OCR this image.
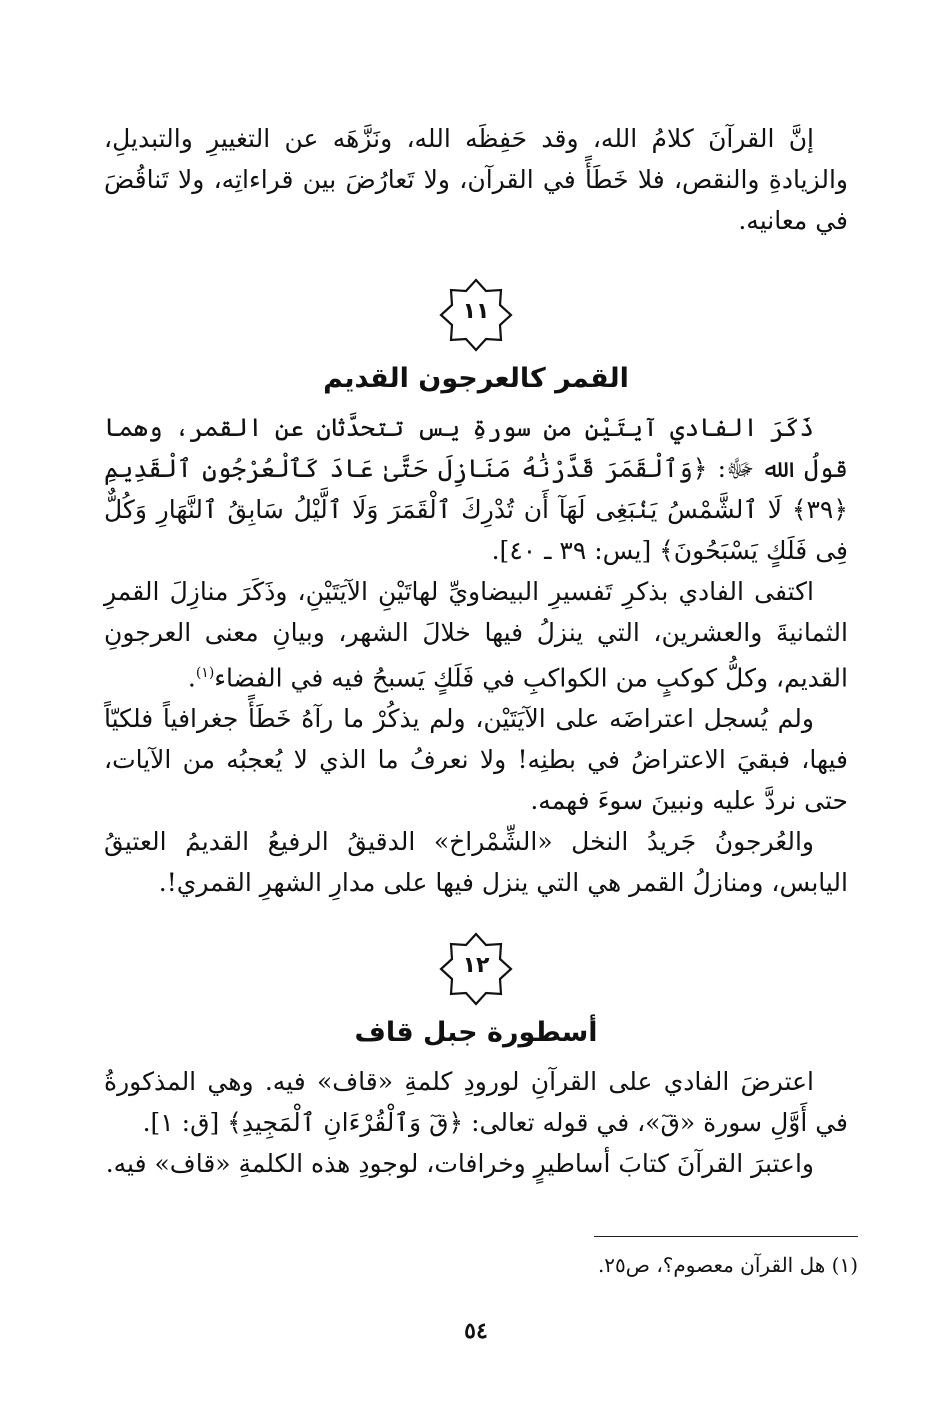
إنَّ القرآنَ كلامُ الله، وقد حَفِظَه الله، ونَزَّهَه عن التغييرِ والتبديلِ، والزيادةِ والنقص، فلا خَطَأً في القرآن، ولا تَعارُضَ بين قراءاتِه، ولا تَناقُضَ في معانيه.

١١
القمر كالعرجون القديم

ذَكَرَ الفادي آيتَيْنِ من سورةِ يس تتحدَّثان عن القمر، وهما قولُ الله ﷻ: ﴿وَٱلْقَمَرَ قَدَّرْنَٰهُ مَنَازِلَ حَتَّىٰ عَادَ كَٱلْعُرْجُونِ ٱلْقَدِيمِ ﴿٣٩﴾ لَا ٱلشَّمْسُ يَنۢبَغِى لَهَآ أَن تُدْرِكَ ٱلْقَمَرَ وَلَا ٱلَّيْلُ سَابِقُ ٱلنَّهَارِ وَكُلٌّ فِى فَلَكٍ يَسْبَحُونَ﴾ [يس: ٣٩ ـ ٤٠].

اكتفى الفادي بذكرِ تَفسيرِ البيضاويِّ لهاتَيْنِ الآيَتَيْنِ، وذَكَرَ منازِلَ القمرِ الثمانيةَ والعشرين، التي ينزلُ فيها خلالَ الشهر، وبيانِ معنى العرجونِ القديم، وكلُّ كوكبٍ من الكواكبِ في فَلَكٍ يَسبحُ فيه في الفضاء$^{(١)}$.

ولم يُسجل اعتراضَه على الآيَتَيْن، ولم يذكُرْ ما رآهُ خَطَأً جغرافياً فلكيّاً فيها، فبقيَ الاعتراضُ في بطنِه! ولا نعرفُ ما الذي لا يُعجبُه من الآيات، حتى نردَّ عليه ونبينَ سوءَ فهمه.

والعُرجونُ جَريدُ النخل «الشِّمْراخ» الدقيقُ الرفيعُ القديمُ العتيقُ اليابس، ومنازلُ القمر هي التي ينزل فيها على مدارِ الشهرِ القمري!.

١٢
أسطورة جبل قاف

اعترضَ الفادي على القرآنِ لورودِ كلمةِ «قاف» فيه. وهي المذكورةُ في أَوَّلِ سورة «قٓ»، في قوله تعالى: ﴿قٓ وَٱلْقُرْءَانِ ٱلْمَجِيدِ﴾ [ق: ١].

واعتبرَ القرآنَ كتابَ أساطيرٍ وخرافات، لوجودِ هذه الكلمةِ «قاف» فيه.

(١) هل القرآن معصوم؟، ص٢٥.
٥٤
